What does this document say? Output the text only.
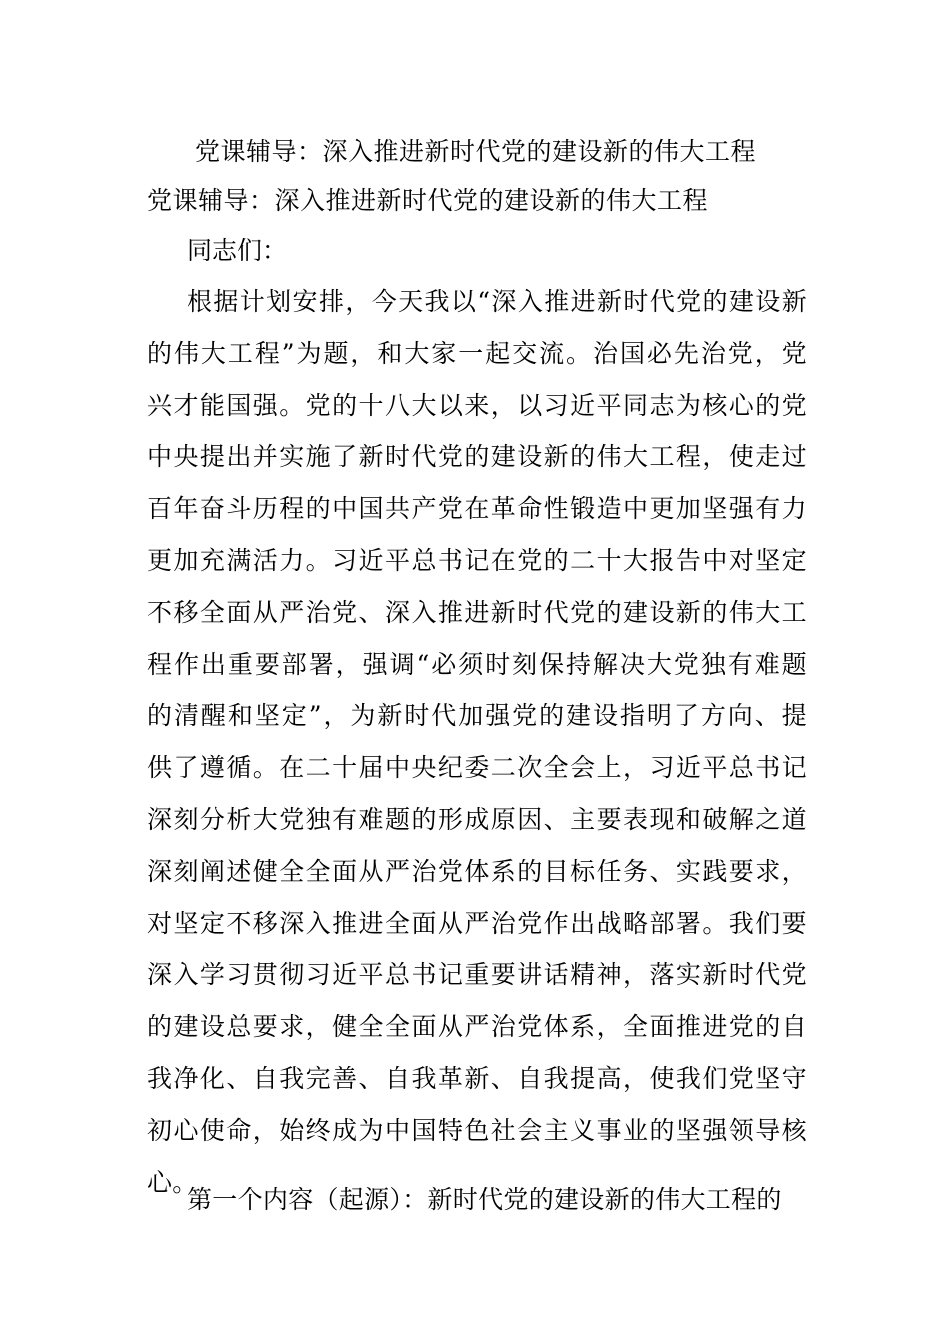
党课辅导：深入推进新时代党的建设新的伟大工程
党课辅导：深入推进新时代党的建设新的伟大工程
同志们：
根据计划安排，今天我以“深入推进新时代党的建设新
的伟大工程”为题，和大家一起交流。治国必先治党，党
兴才能国强。党的十八大以来，以习近平同志为核心的党
中央提出并实施了新时代党的建设新的伟大工程，使走过
百年奋斗历程的中国共产党在革命性锻造中更加坚强有力
更加充满活力。习近平总书记在党的二十大报告中对坚定
不移全面从严治党、深入推进新时代党的建设新的伟大工
程作出重要部署，强调“必须时刻保持解决大党独有难题
的清醒和坚定”，为新时代加强党的建设指明了方向、提
供了遵循。在二十届中央纪委二次全会上，习近平总书记
深刻分析大党独有难题的形成原因、主要表现和破解之道
深刻阐述健全全面从严治党体系的目标任务、实践要求，
对坚定不移深入推进全面从严治党作出战略部署。我们要
深入学习贯彻习近平总书记重要讲话精神，落实新时代党
的建设总要求，健全全面从严治党体系，全面推进党的自
我净化、自我完善、自我革新、自我提高，使我们党坚守
初心使命，始终成为中国特色社会主义事业的坚强领导核
心。
第一个内容（起源）：新时代党的建设新的伟大工程的
